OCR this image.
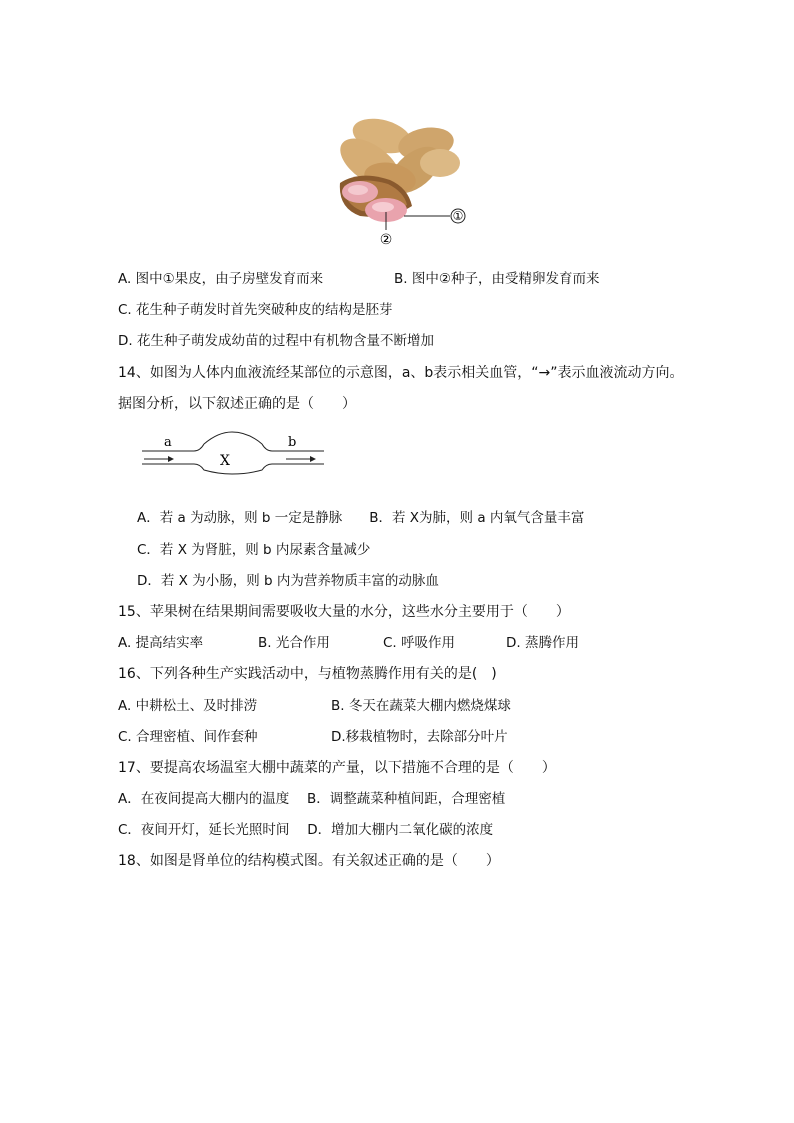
①
②
A. 图中①果皮，由子房壁发育而来	B. 图中②种子，由受精卵发育而来
C. 花生种子萌发时首先突破种皮的结构是胚芽
D. 花生种子萌发成幼苗的过程中有机物含量不断增加
14、如图为人体内血液流经某部位的示意图，a、b表示相关血管，“→”表示血液流动方向。
据图分析，以下叙述正确的是（　　）
a	b
X
A．若 a 为动脉，则 b 一定是静脉　　B．若 X为肺，则 a 内氧气含量丰富
C．若 X 为肾脏，则 b 内尿素含量减少
D．若 X 为小肠，则 b 内为营养物质丰富的动脉血
15、苹果树在结果期间需要吸收大量的水分，这些水分主要用于（　　）
A. 提高结实率	B. 光合作用	C. 呼吸作用	D. 蒸腾作用
16、下列各种生产实践活动中，与植物蒸腾作用有关的是(　)
A. 中耕松土、及时排涝	B. 冬天在蔬菜大棚内燃烧煤球
C. 合理密植、间作套种	D.移栽植物时，去除部分叶片
17、要提高农场温室大棚中蔬菜的产量，以下措施不合理的是（　　）
A．在夜间提高大棚内的温度　 B．调整蔬菜种植间距，合理密植
C．夜间开灯，延长光照时间　 D．增加大棚内二氧化碳的浓度
18、如图是肾单位的结构模式图。有关叙述正确的是（　　）
